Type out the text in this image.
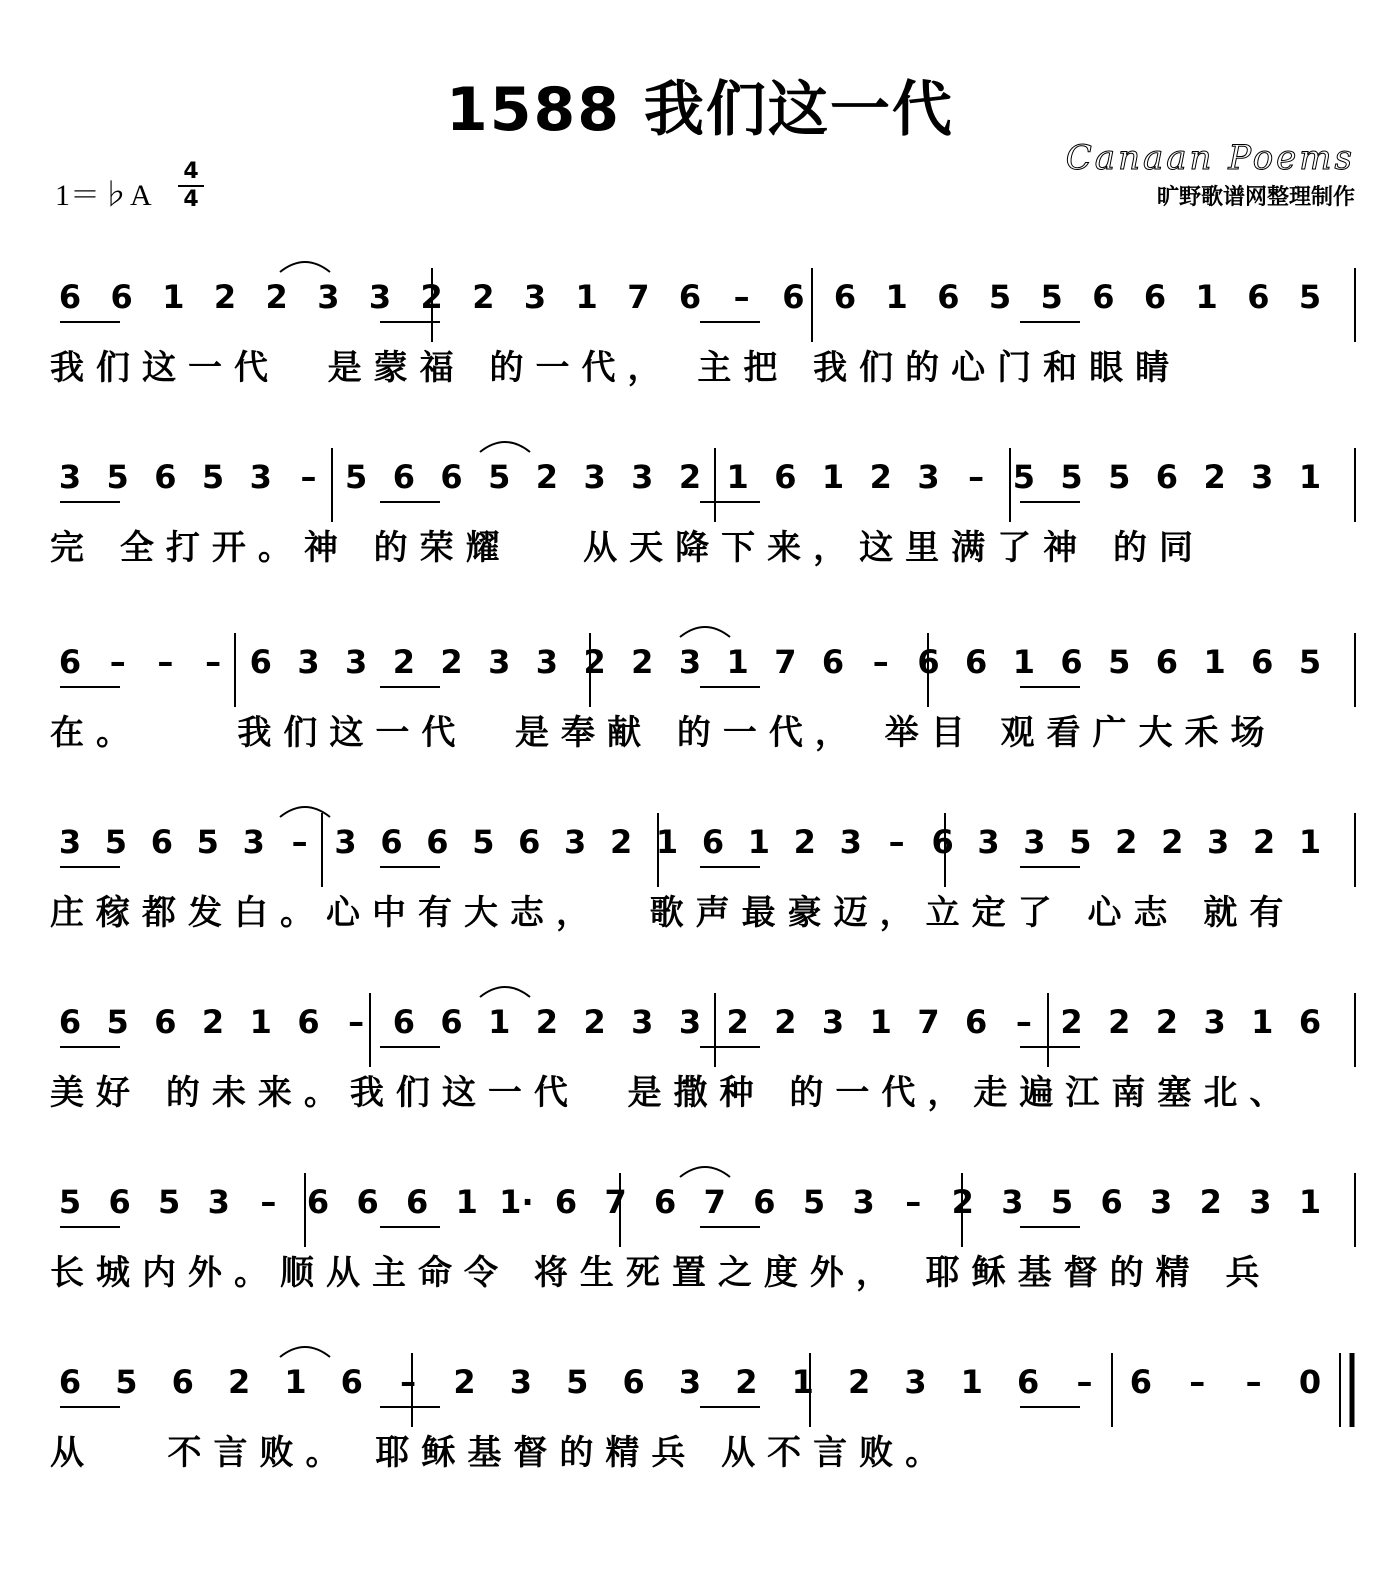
1588 我们这一代
1＝♭A
4
4
Canaan Poems
旷野歌谱网整理制作
6 6 1 2 2 3 3 2 2 3 1 7 6 – 6 6 1 6 5 5 6 6 1 6 5
我们这一代  是蒙福 的一代， 主把 我们的心门和眼睛
3 5 6 5 3 – 5 6 6 5 2 3 3 2 1 6 1 2 3 – 5 5 5 6 2 3 1
完 全打开。神 的荣耀   从天降下来，这里满了神 的同
6 – – – 6 3 3 2 2 3 3 2 2 3 1 7 6 – 6 6 1 6 5 6 1 6 5
在。    我们这一代  是奉献 的一代， 举目 观看广大禾场
3 5 6 5 3 – 3 6 6 5 6 3 2 1 6 1 2 3 – 6 3 3 5 2 2 3 2 1
庄稼都发白。心中有大志，  歌声最豪迈，立定了 心志 就有
6 5 6 2 1 6 – 6 6 1 2 2 3 3 2 2 3 1 7 6 – 2 2 2 3 1 6
美好 的未来。我们这一代  是撒种 的一代，走遍江南塞北、
5 6 5 3 – 6 6 6 1 1· 6 7 6 7 6 5 3 – 2 3 5 6 3 2 3 1
长城内外。顺从主命令 将生死置之度外， 耶稣基督的精 兵
6 5 6 2 1 6 – 2 3 5 6 3 2 1 2 3 1 6 – 6 – – 0
从   不言败。 耶稣基督的精兵 从不言败。
